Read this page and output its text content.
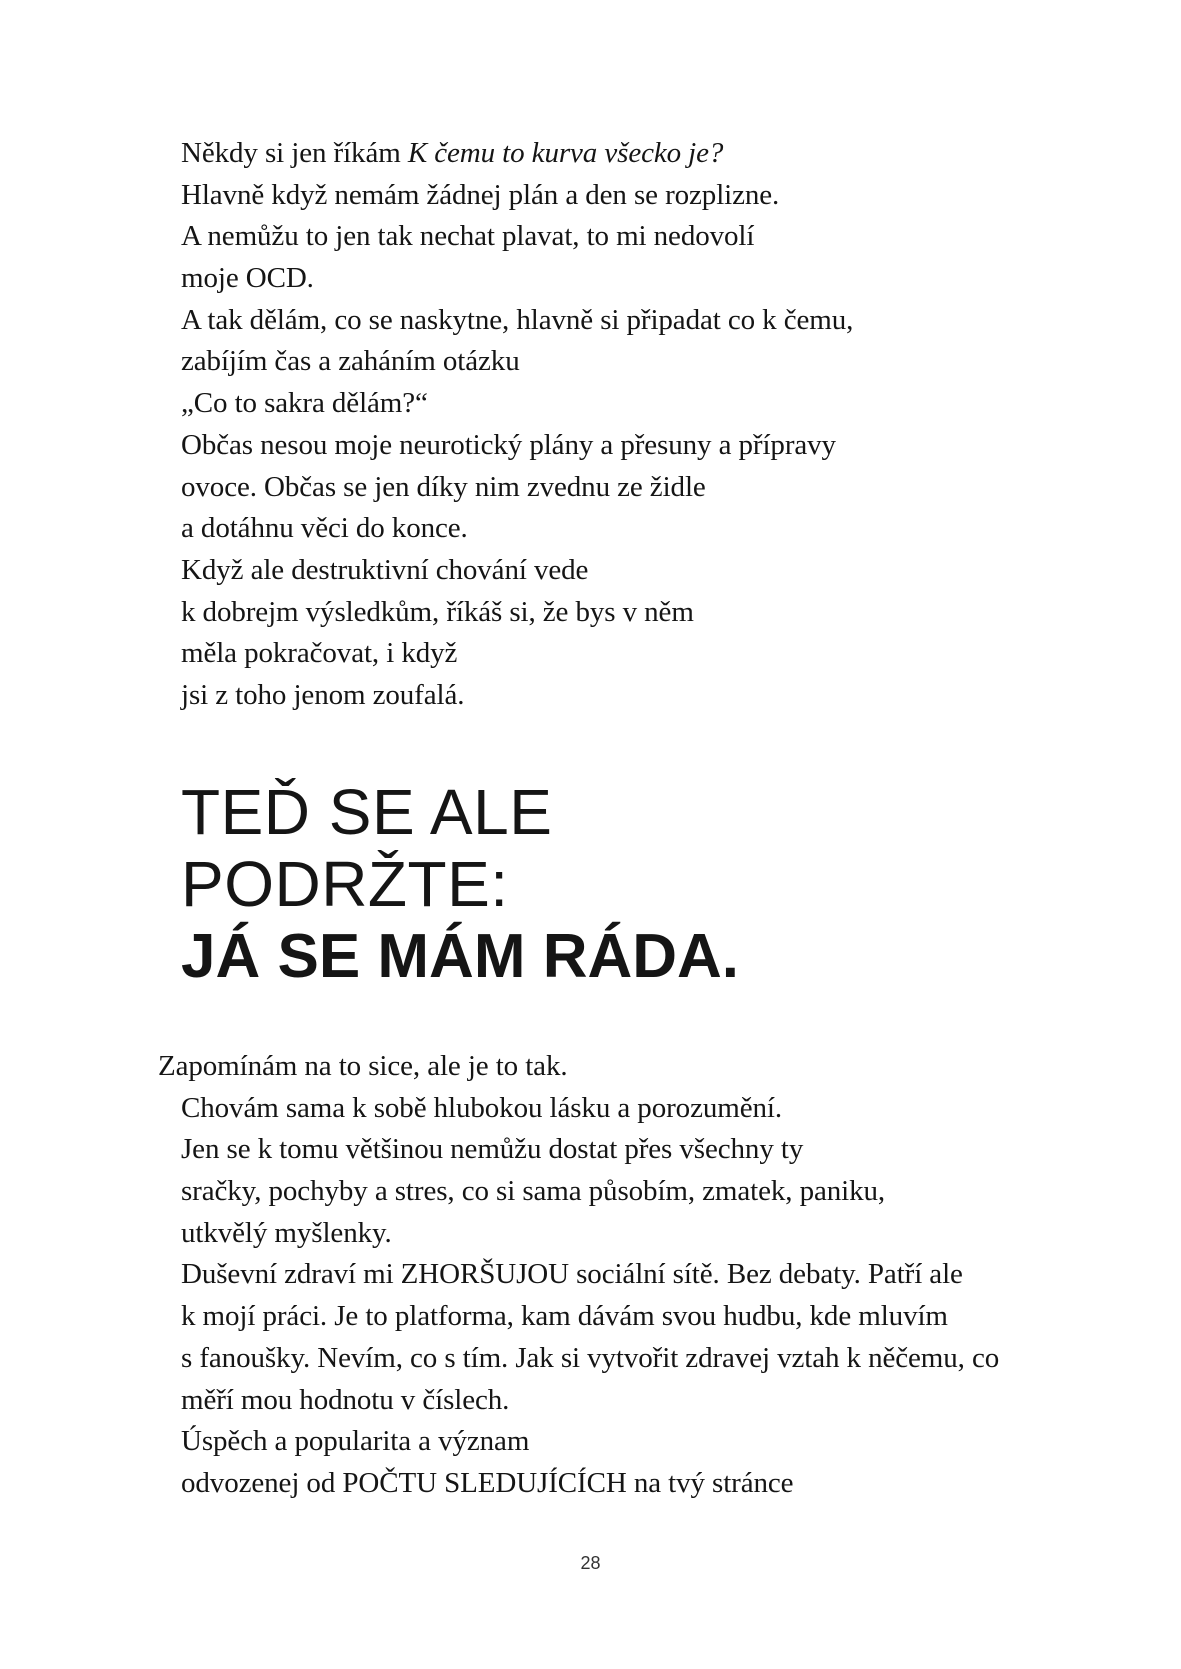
Někdy si jen říkám K čemu to kurva všecko je?
Hlavně když nemám žádnej plán a den se rozplizne.
A nemůžu to jen tak nechat plavat, to mi nedovolí
moje OCD.
A tak dělám, co se naskytne, hlavně si připadat co k čemu,
zabíjím čas a zaháním otázku
„Co to sakra dělám?“
Občas nesou moje neurotický plány a přesuny a přípravy
ovoce. Občas se jen díky nim zvednu ze židle
a dotáhnu věci do konce.
Když ale destruktivní chování vede
k dobrejm výsledkům, říkáš si, že bys v něm
měla pokračovat, i když
jsi z toho jenom zoufalá.
TEĎ SE ALE
PODRŽTE:
JÁ SE MÁM RÁDA.
Zapomínám na to sice, ale je to tak.
Chovám sama k sobě hlubokou lásku a porozumění.
Jen se k tomu většinou nemůžu dostat přes všechny ty
sračky, pochyby a stres, co si sama působím, zmatek, paniku,
utkvělý myšlenky.
Duševní zdraví mi ZHORŠUJOU sociální sítě. Bez debaty. Patří ale
k mojí práci. Je to platforma, kam dávám svou hudbu, kde mluvím
s fanoušky. Nevím, co s tím. Jak si vytvořit zdravej vztah k něčemu, co
měří mou hodnotu v číslech.
Úspěch a popularita a význam
odvozenej od POČTU SLEDUJÍCÍCH na tvý stránce
28
